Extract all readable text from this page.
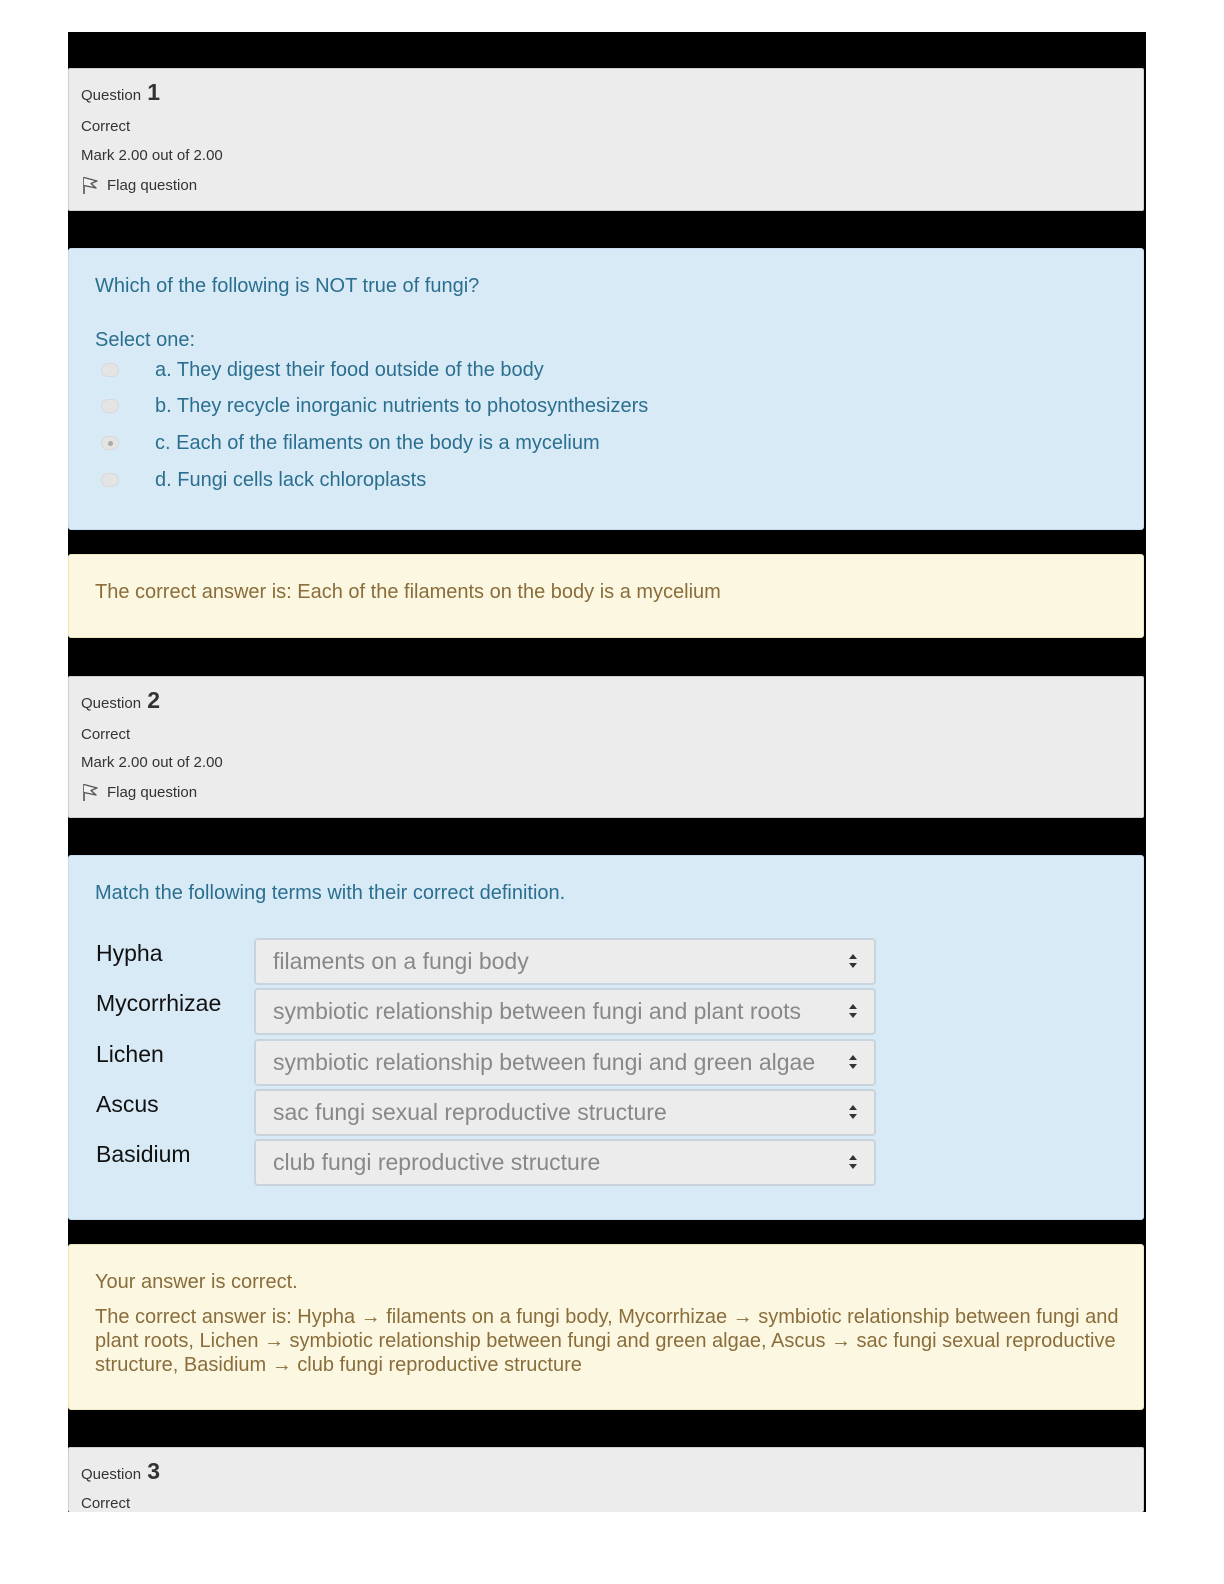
Question 1
Correct
Mark 2.00 out of 2.00
Flag question
Which of the following is NOT true of fungi?
Select one:
a. They digest their food outside of the body
b. They recycle inorganic nutrients to photosynthesizers
c. Each of the filaments on the body is a mycelium
d. Fungi cells lack chloroplasts
The correct answer is: Each of the filaments on the body is a mycelium
Question 2
Correct
Mark 2.00 out of 2.00
Flag question
Match the following terms with their correct definition.
Hypha	filaments on a fungi body
Mycorrhizae symbiotic relationship between fungi and plant roots
Lichen	symbiotic relationship between fungi and green algae
Ascus	sac fungi sexual reproductive structure
Basidium	club fungi reproductive structure
Your answer is correct.
The correct answer is: Hypha → filaments on a fungi body, Mycorrhizae → symbiotic relationship between fungi and plant roots, Lichen → symbiotic relationship between fungi and green algae, Ascus → sac fungi sexual reproductive structure, Basidium → club fungi reproductive structure
Question 3
Correct
